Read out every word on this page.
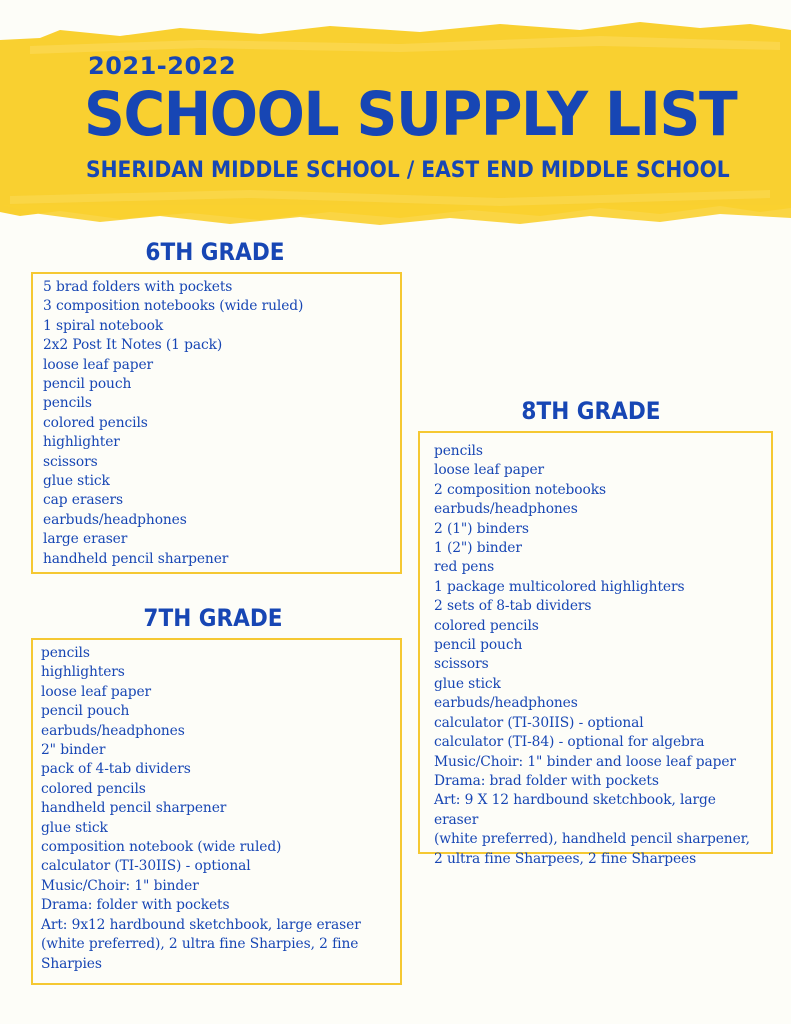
2021-2022
SCHOOL SUPPLY LIST
SHERIDAN MIDDLE SCHOOL / EAST END MIDDLE SCHOOL
6TH GRADE
5 brad folders with pockets
3 composition notebooks (wide ruled)
1 spiral notebook
2x2 Post It Notes (1 pack)
loose leaf paper
pencil pouch
pencils
colored pencils
highlighter
scissors
glue stick
cap erasers
earbuds/headphones
large eraser
handheld pencil sharpener
7TH GRADE
pencils
highlighters
loose leaf paper
pencil pouch
earbuds/headphones
2" binder
pack of 4-tab dividers
colored pencils
handheld pencil sharpener
glue stick
composition notebook (wide ruled)
calculator (TI-30IIS) - optional
Music/Choir: 1" binder
Drama: folder with pockets
Art: 9x12 hardbound sketchbook, large eraser
(white preferred), 2 ultra fine Sharpies, 2 fine
Sharpies
8TH GRADE
pencils
loose leaf paper
2 composition notebooks
earbuds/headphones
2 (1") binders
1 (2") binder
red pens
1 package multicolored highlighters
2 sets of 8-tab dividers
colored pencils
pencil pouch
scissors
glue stick
earbuds/headphones
calculator (TI-30IIS) - optional
calculator (TI-84) - optional for algebra
Music/Choir: 1" binder and loose leaf paper
Drama: brad folder with pockets
Art: 9 X 12 hardbound sketchbook, large eraser
(white preferred), handheld pencil sharpener,
2 ultra fine Sharpees, 2 fine Sharpees
